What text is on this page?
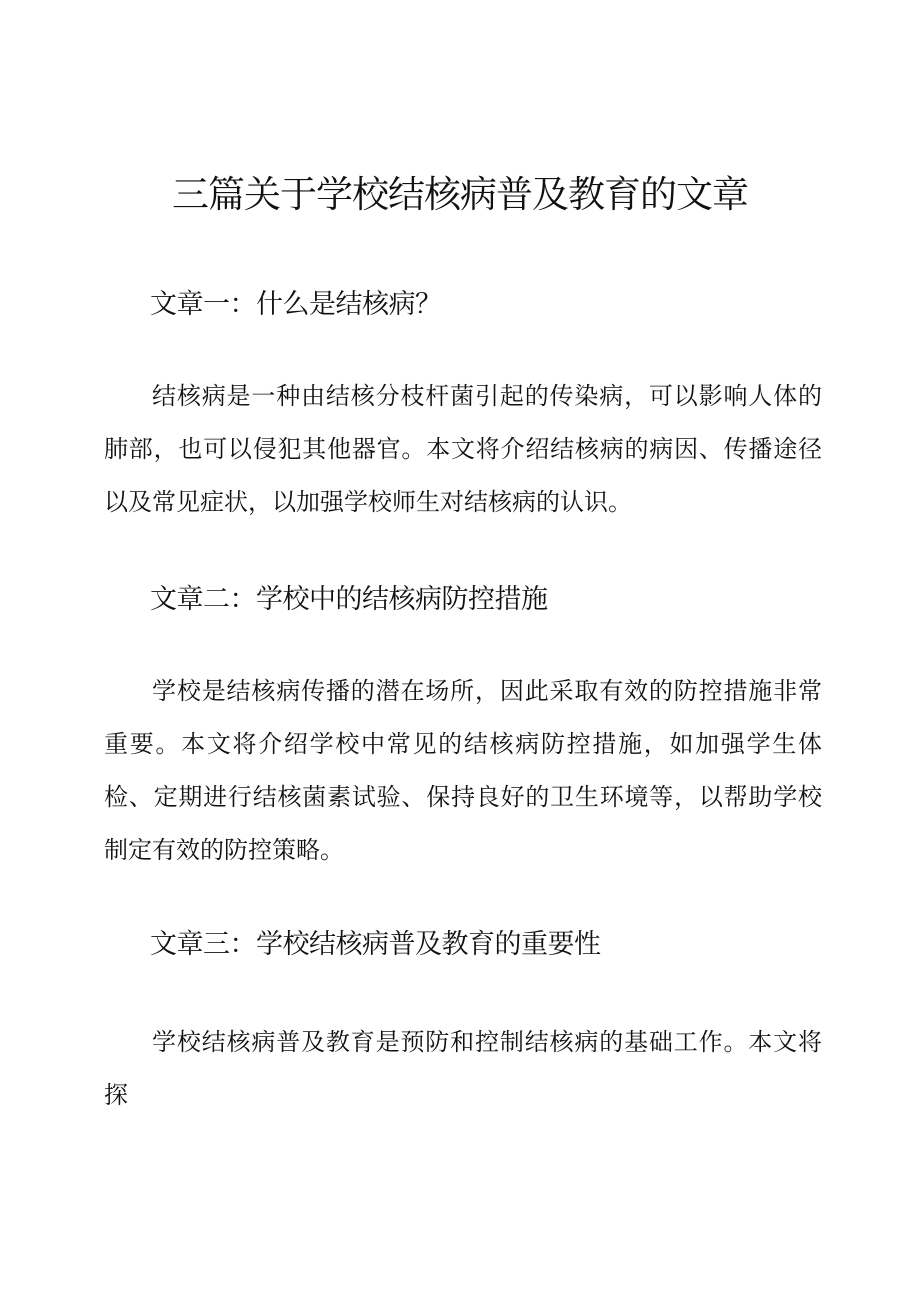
三篇关于学校结核病普及教育的文章
文章一：什么是结核病？

结核病是一种由结核分枝杆菌引起的传染病，可以影响人体的肺部，也可以侵犯其他器官。本文将介绍结核病的病因、传播途径以及常见症状，以加强学校师生对结核病的认识。

文章二：学校中的结核病防控措施

学校是结核病传播的潜在场所，因此采取有效的防控措施非常重要。本文将介绍学校中常见的结核病防控措施，如加强学生体检、定期进行结核菌素试验、保持良好的卫生环境等，以帮助学校制定有效的防控策略。

文章三：学校结核病普及教育的重要性

学校结核病普及教育是预防和控制结核病的基础工作。本文将探
